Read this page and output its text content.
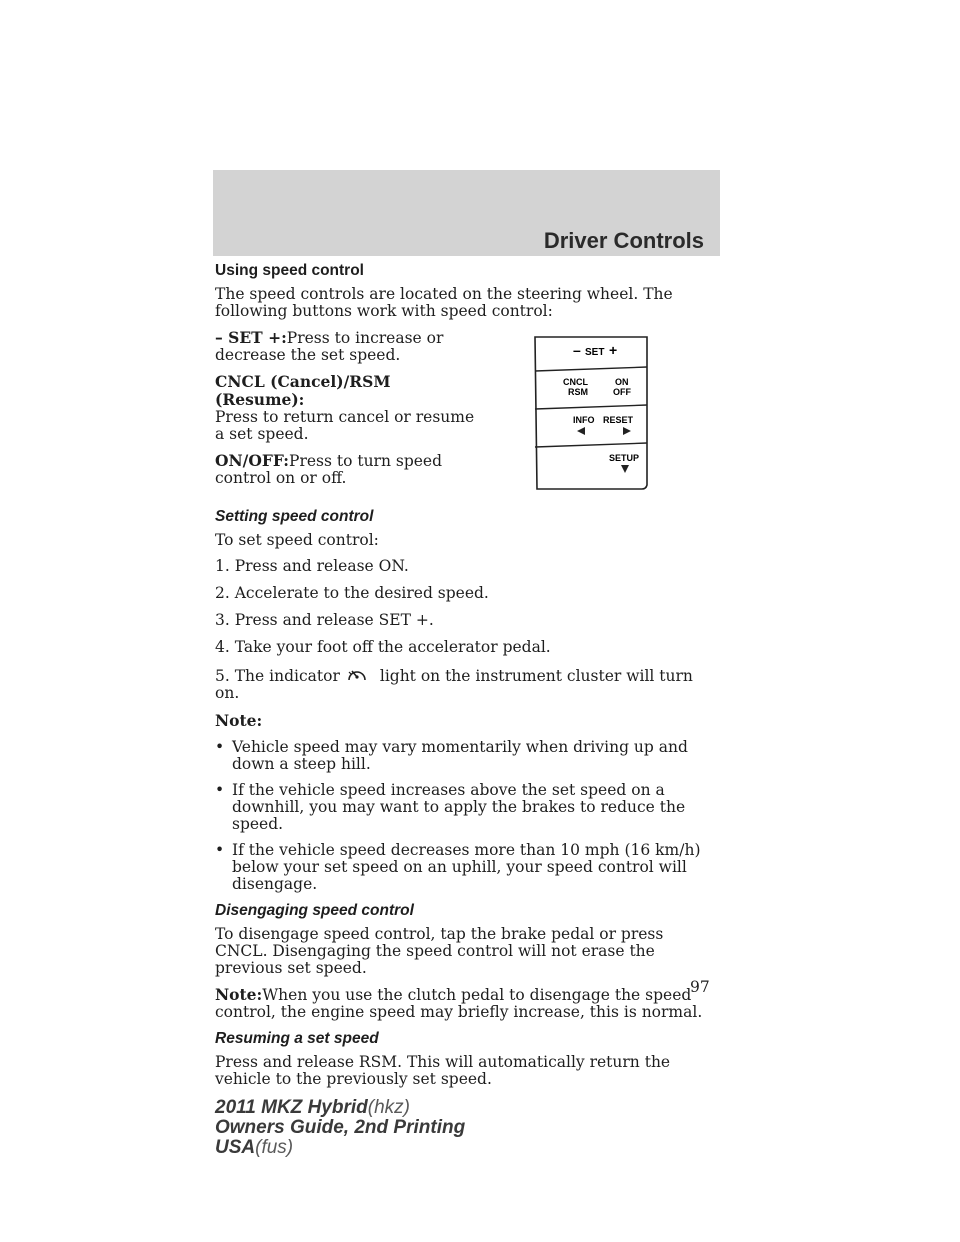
Driver Controls
Using speed control

The speed controls are located on the steering wheel. The following buttons work with speed control:

– SET +:Press to increase or decrease the set speed.

CNCL (Cancel)/RSM (Resume):
Press to return cancel or resume a set speed.

ON/OFF:Press to turn speed control on or off.

– SET +
CNCL
RSM
ON
OFF
INFO RESET
SETUP
Setting speed control

To set speed control:

1. Press and release ON.

2. Accelerate to the desired speed.

3. Press and release SET +.

4. Take your foot off the accelerator pedal.

5. The indicator	light on the instrument cluster will turn on.

Note:

• Vehicle speed may vary momentarily when driving up and down a steep hill.
• If the vehicle speed increases above the set speed on a downhill, you may want to apply the brakes to reduce the speed.
• If the vehicle speed decreases more than 10 mph (16 km/h) below your set speed on an uphill, your speed control will disengage.
Disengaging speed control

To disengage speed control, tap the brake pedal or press CNCL. Disengaging the speed control will not erase the previous set speed.

Note:When you use the clutch pedal to disengage the speed control, the engine speed may briefly increase, this is normal.

Resuming a set speed

Press and release RSM. This will automatically return the vehicle to the previously set speed.

97
2011 MKZ Hybrid(hkz)
Owners Guide, 2nd Printing
USA(fus)
